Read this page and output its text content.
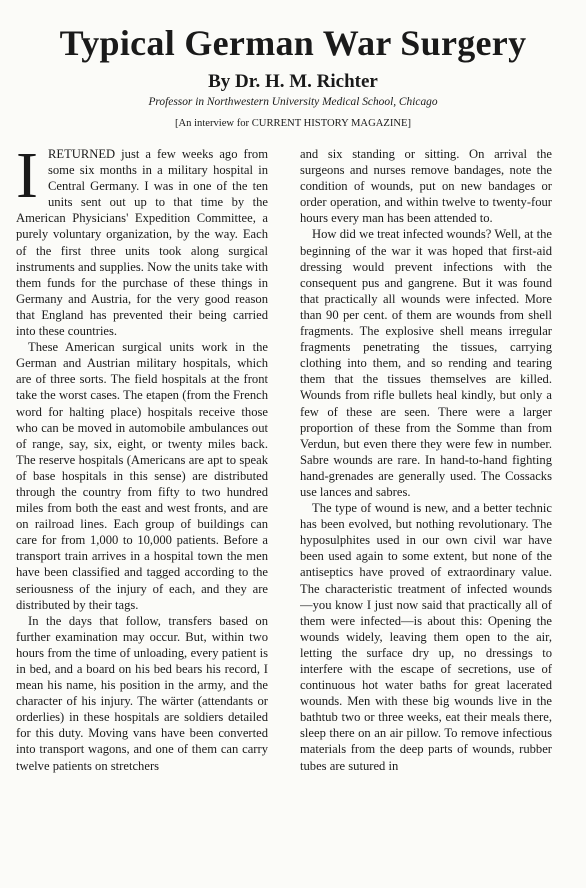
Typical German War Surgery
By Dr. H. M. Richter
Professor in Northwestern University Medical School, Chicago
[An interview for CURRENT HISTORY MAGAZINE]

IRETURNED just a few weeks ago from some six months in a military hospital in Central Germany. I was in one of the ten units sent out up to that time by the American Physicians' Expedition Committee, a purely voluntary organization, by the way. Each of the first three units took along surgical instruments and supplies. Now the units take with them funds for the purchase of these things in Germany and Austria, for the very good reason that England has prevented their being carried into these countries.

These American surgical units work in the German and Austrian military hospitals, which are of three sorts. The field hospitals at the front take the worst cases. The etapen (from the French word for halting place) hospitals receive those who can be moved in automobile ambulances out of range, say, six, eight, or twenty miles back. The reserve hospitals (Americans are apt to speak of base hospitals in this sense) are distributed through the country from fifty to two hundred miles from both the east and west fronts, and are on railroad lines. Each group of buildings can care for from 1,000 to 10,000 patients. Before a transport train arrives in a hospital town the men have been classified and tagged according to the seriousness of the injury of each, and they are distributed by their tags.

In the days that follow, transfers based on further examination may occur. But, within two hours from the time of unloading, every patient is in bed, and a board on his bed bears his record, I mean his name, his position in the army, and the character of his injury. The wärter (attendants or orderlies) in these hospitals are soldiers detailed for this duty. Moving vans have been converted into transport wagons, and one of them can carry twelve patients on stretchers

and six standing or sitting. On arrival the surgeons and nurses remove bandages, note the condition of wounds, put on new bandages or order operation, and within twelve to twenty-four hours every man has been attended to.

How did we treat infected wounds? Well, at the beginning of the war it was hoped that first-aid dressing would prevent infections with the consequent pus and gangrene. But it was found that practically all wounds were infected. More than 90 per cent. of them are wounds from shell fragments. The explosive shell means irregular fragments penetrating the tissues, carrying clothing into them, and so rending and tearing them that the tissues themselves are killed. Wounds from rifle bullets heal kindly, but only a few of these are seen. There were a larger proportion of these from the Somme than from Verdun, but even there they were few in number. Sabre wounds are rare. In hand-to-hand fighting hand-grenades are generally used. The Cossacks use lances and sabres.

The type of wound is new, and a better technic has been evolved, but nothing revolutionary. The hyposulphites used in our own civil war have been used again to some extent, but none of the antiseptics have proved of extraordinary value. The characteristic treatment of infected wounds—you know I just now said that practically all of them were infected—is about this: Opening the wounds widely, leaving them open to the air, letting the surface dry up, no dressings to interfere with the escape of secretions, use of continuous hot water baths for great lacerated wounds. Men with these big wounds live in the bathtub two or three weeks, eat their meals there, sleep there on an air pillow. To remove infectious materials from the deep parts of wounds, rubber tubes are sutured in
